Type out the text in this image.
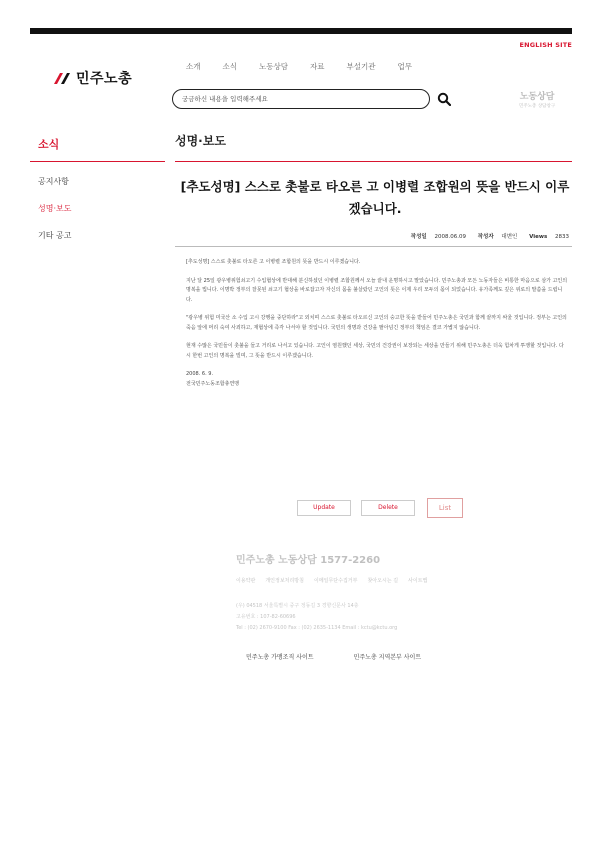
ENGLISH SITE
민주노총
소개	소식	노동상담	자료	부설기관	업무
궁금하신 내용을 입력해주세요	노동상담
민주노총 상담창구
소식
공지사항
성명·보도
기타 공고
성명·보도
[추도성명] 스스로 촛불로 타오른 고 이병렬 조합원의 뜻을 반드시 이루겠습니다.
작성일 2008.06.09 작성자 대변인 Views 2833

[추도성명] 스스로 촛불로 타오른 고 이병렬 조합원의 뜻을 반드시 이루겠습니다.

지난 달 25일 광우병위험쇠고기 수입협상에 반대해 분신하셨던 이병렬 조합원께서 오늘 끝내 운명하시고 말았습니다. 민주노총과 모든 노동자들은 비통한 마음으로 삼가 고인의 명복을 빕니다. 이명박 정부의 잘못된 쇠고기 협상을 바로잡고자 자신의 몸을 불살랐던 고인의 뜻은 이제 우리 모두의 몫이 되었습니다. 유가족께도 깊은 위로의 말씀을 드립니다.

"광우병 위험 미국산 소 수입 고시 강행을 중단하라"고 외치며 스스로 촛불로 타오르신 고인의 숭고한 뜻을 받들어 민주노총은 국민과 함께 끝까지 싸울 것입니다. 정부는 고인의 죽음 앞에 머리 숙여 사죄하고, 재협상에 즉각 나서야 할 것입니다. 국민의 생명과 건강을 팔아넘긴 정부의 책임은 결코 가볍지 않습니다.

현재 수많은 국민들이 촛불을 들고 거리로 나서고 있습니다. 고인이 염원했던 세상, 국민의 건강권이 보장되는 세상을 만들기 위해 민주노총은 더욱 힘차게 투쟁할 것입니다. 다시 한번 고인의 명복을 빌며, 그 뜻을 반드시 이루겠습니다.

2008. 6. 9.
전국민주노동조합총연맹
Update	Delete	List
민주노총 노동상담 1577-2260
이용약관 개인정보처리방침 이메일무단수집거부 찾아오시는 길 사이트맵
(우) 04518 서울특별시 중구 정동길 3 경향신문사 14층
고유번호 : 107-82-60696
Tel : (02) 2670-9100 Fax : (02) 2635-1134 Email : kctu@kctu.org
민주노총 가맹조직 사이트	민주노총 지역본부 사이트
